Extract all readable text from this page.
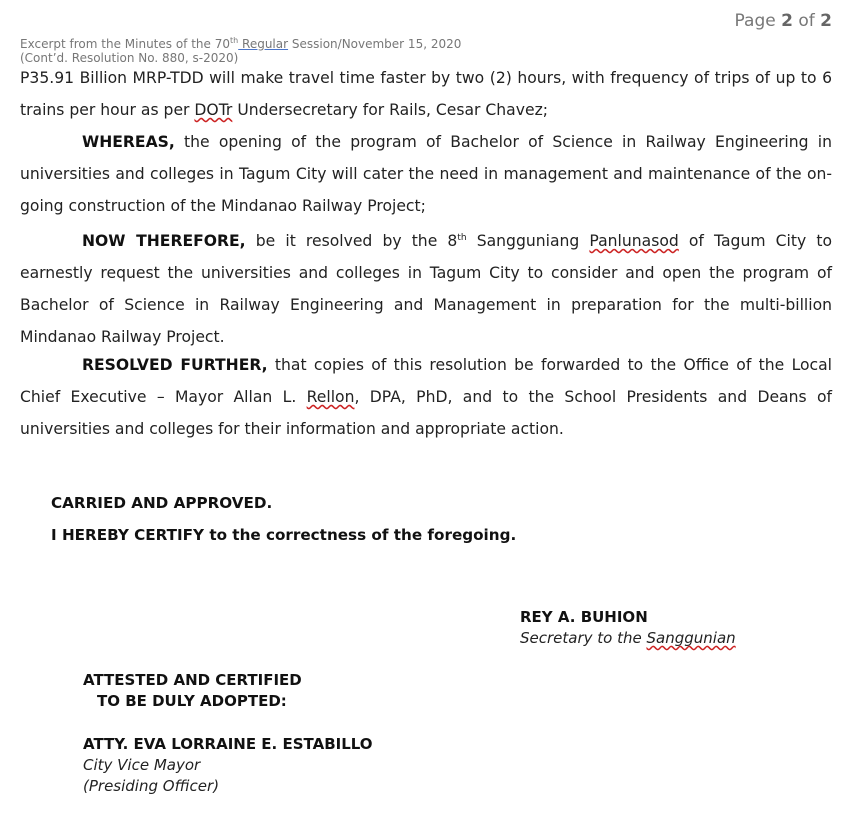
Page 2 of 2
Excerpt from the Minutes of the 70th Regular Session/November 15, 2020
(Cont’d. Resolution No. 880, s-2020)
P35.91 Billion MRP-TDD will make travel time faster by two (2) hours, with frequency of trips of up to 6 trains per hour as per DOTr Undersecretary for Rails, Cesar Chavez;
WHEREAS, the opening of the program of Bachelor of Science in Railway Engineering in universities and colleges in Tagum City will cater the need in management and maintenance of the on-going construction of the Mindanao Railway Project;
NOW THEREFORE, be it resolved by the 8th Sangguniang Panlunasod of Tagum City to earnestly request the universities and colleges in Tagum City to consider and open the program of Bachelor of Science in Railway Engineering and Management in preparation for the multi-billion Mindanao Railway Project.
RESOLVED FURTHER, that copies of this resolution be forwarded to the Office of the Local Chief Executive – Mayor Allan L. Rellon, DPA, PhD, and to the School Presidents and Deans of universities and colleges for their information and appropriate action.
CARRIED AND APPROVED.
I HEREBY CERTIFY to the correctness of the foregoing.
REY A. BUHION
Secretary to the Sanggunian
ATTESTED AND CERTIFIED
TO BE DULY ADOPTED:
ATTY. EVA LORRAINE E. ESTABILLO
City Vice Mayor
(Presiding Officer)
